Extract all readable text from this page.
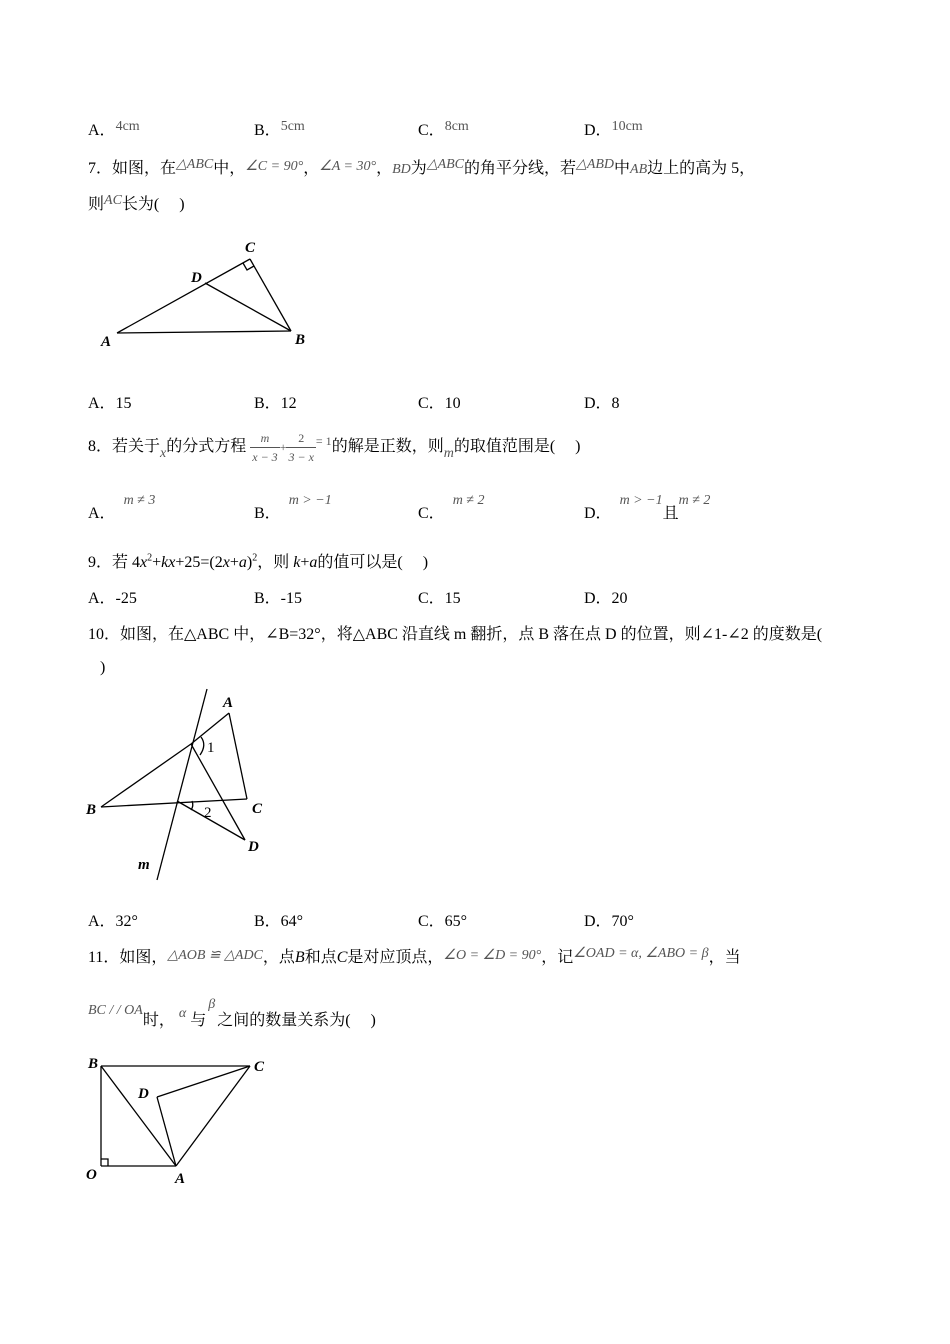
A．4cm	B．5cm	C．8cm	D．10cm
7．如图，在△ABC中，∠C = 90°，∠A = 30°，BD为△ABC的角平分线，若△ABD中AB边上的高为 5，
则AC长为(　 )
C
D
A	B
A．15	B．12	C．10	D．8
8．若关于x的分式方程 $\frac{m}{x - 3} + \frac{2}{3 - x} ^{= 1}$的解是正数，则m的取值范围是(　 )
A．m ≠ 3
B．m > −1
C．m ≠ 2
D．m > −1且m ≠ 2
9．若 $4x^2+kx+25=(2x+a)^2$，则 k+a的值可以是(　 )
A．-25	B．-15	C．15	D．20
10．如图，在△ABC 中，∠B=32°，将△ABC 沿直线 m 翻折，点 B 落在点 D 的位置，则∠1-∠2 的度数是(
)
A
B	C
D
m
1
2
A．32°	B．64°	C．65°	D．70°
11．如图，△AOB ≌ △ADC，点B和点C是对应顶点，∠O = ∠D = 90°，记∠OAD = α, ∠ABO = β，当
BC / / OA时， α 与β之间的数量关系为(　 )
B	C
D
O	A
